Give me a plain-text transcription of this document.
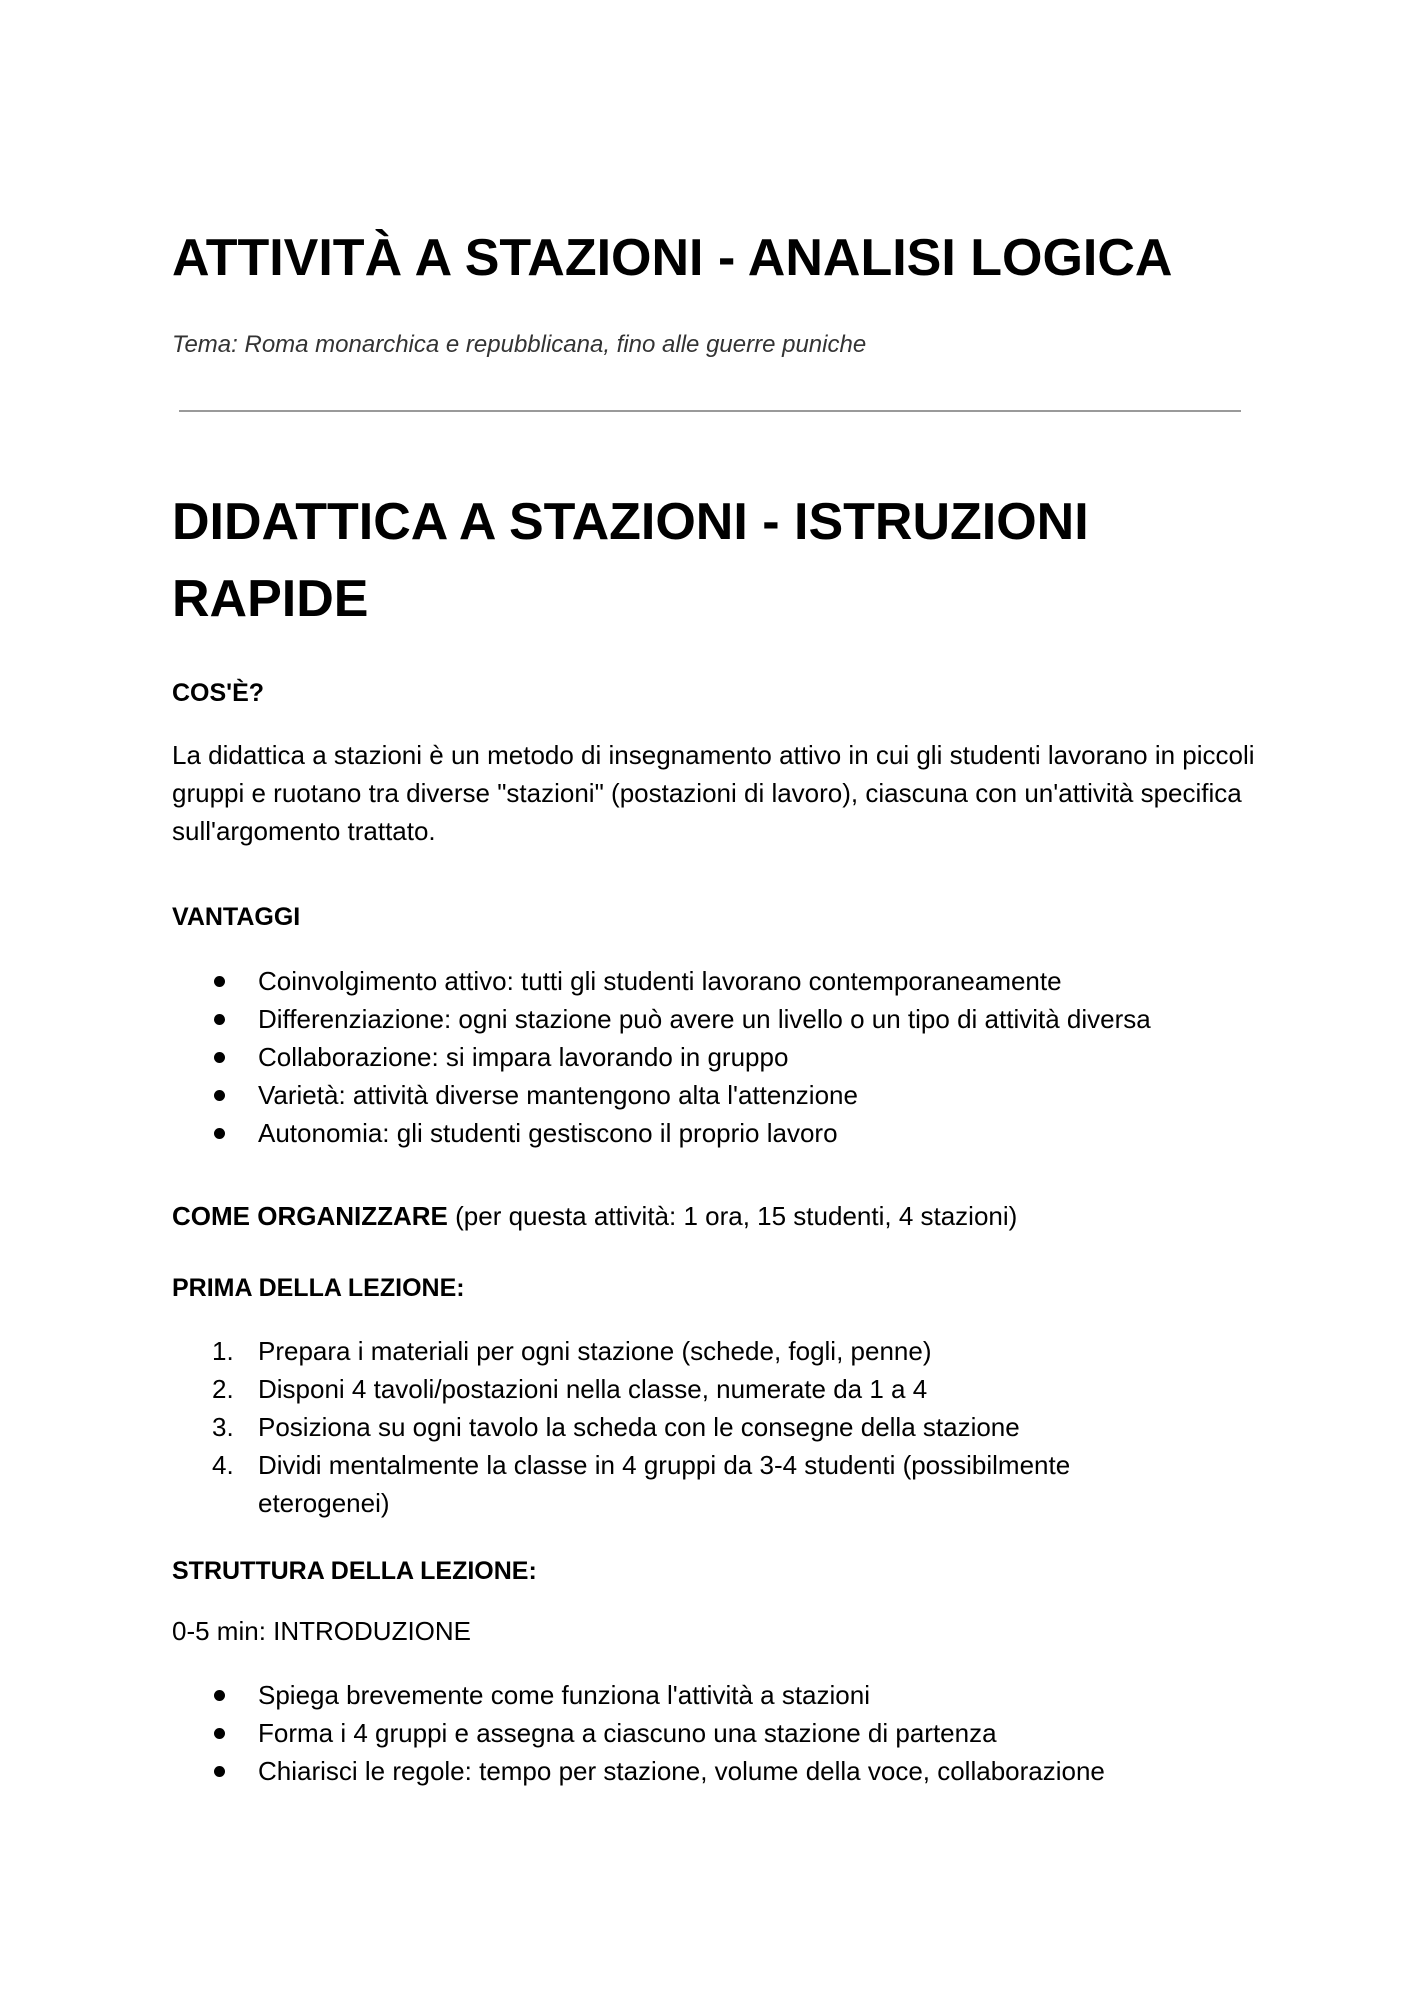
ATTIVITÀ A STAZIONI - ANALISI LOGICA
Tema: Roma monarchica e repubblicana, fino alle guerre puniche
DIDATTICA A STAZIONI - ISTRUZIONI RAPIDE
COS'È?
La didattica a stazioni è un metodo di insegnamento attivo in cui gli studenti lavorano in piccoli gruppi e ruotano tra diverse "stazioni" (postazioni di lavoro), ciascuna con un'attività specifica sull'argomento trattato.
VANTAGGI
Coinvolgimento attivo: tutti gli studenti lavorano contemporaneamente
Differenziazione: ogni stazione può avere un livello o un tipo di attività diversa
Collaborazione: si impara lavorando in gruppo
Varietà: attività diverse mantengono alta l'attenzione
Autonomia: gli studenti gestiscono il proprio lavoro
COME ORGANIZZARE (per questa attività: 1 ora, 15 studenti, 4 stazioni)
PRIMA DELLA LEZIONE:
1. Prepara i materiali per ogni stazione (schede, fogli, penne)
2. Disponi 4 tavoli/postazioni nella classe, numerate da 1 a 4
3. Posiziona su ogni tavolo la scheda con le consegne della stazione
4. Dividi mentalmente la classe in 4 gruppi da 3-4 studenti (possibilmente eterogenei)
STRUTTURA DELLA LEZIONE:
0-5 min: INTRODUZIONE
Spiega brevemente come funziona l'attività a stazioni
Forma i 4 gruppi e assegna a ciascuno una stazione di partenza
Chiarisci le regole: tempo per stazione, volume della voce, collaborazione
